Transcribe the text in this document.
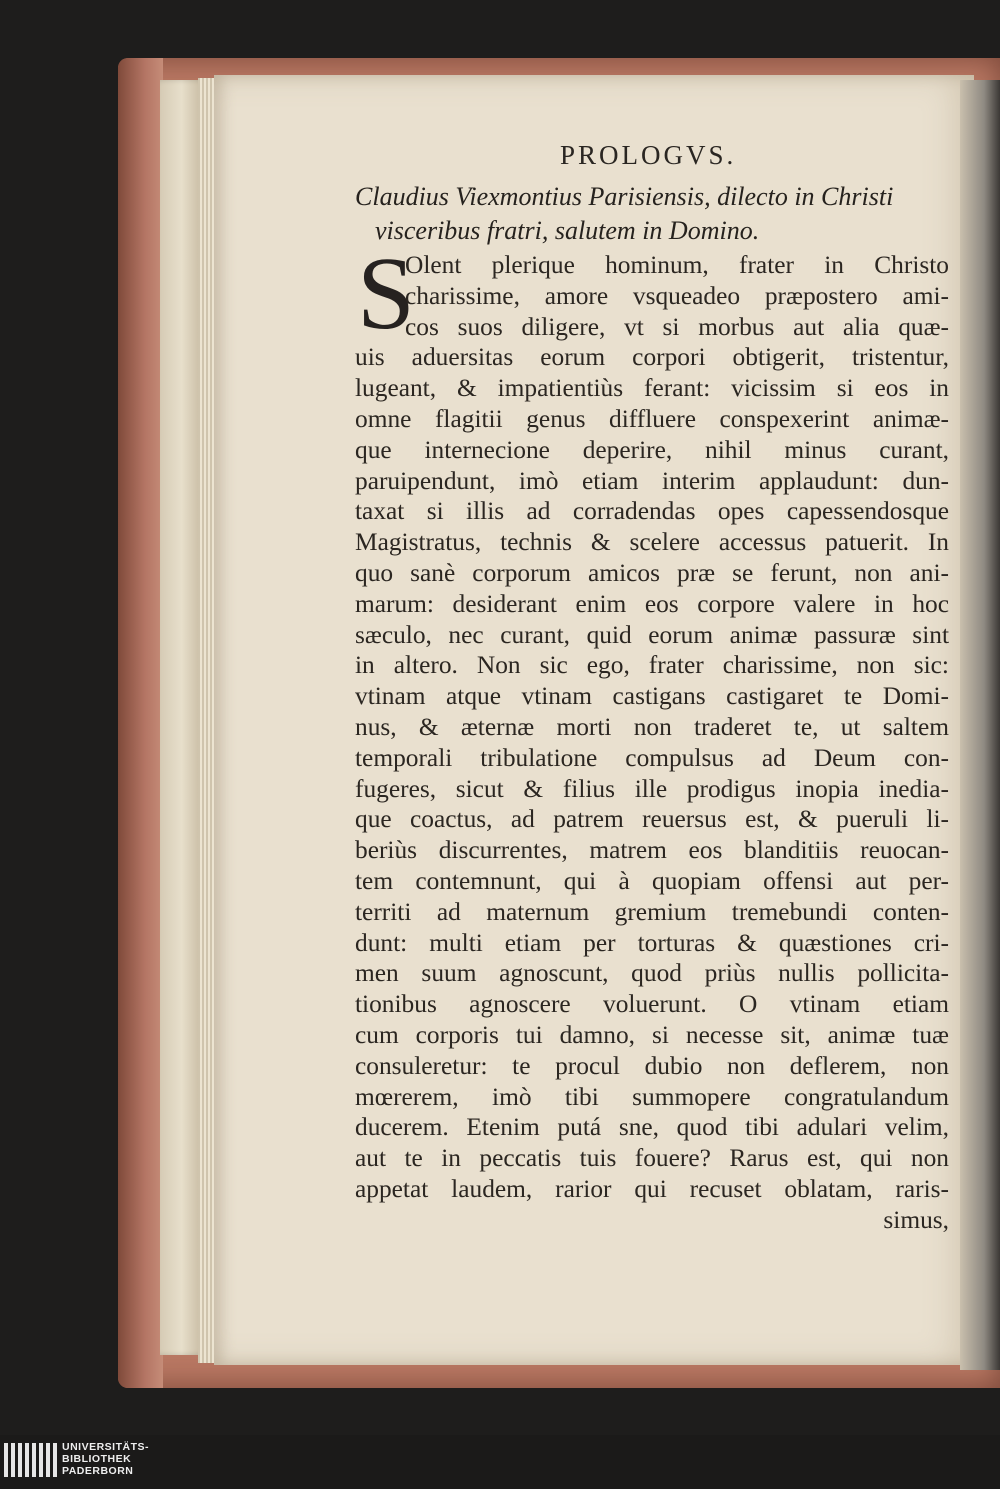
PROLOGVS.
Claudius Viexmontius Parisiensis, dilecto in Christi
visceribus fratri, salutem in Domino.
S
Olent plerique hominum, frater in Christo
charissime, amore vsqueadeo præpostero ami-
cos suos diligere, vt si morbus aut alia quæ-
uis aduersitas eorum corpori obtigerit, tristentur,
lugeant, & impatientiùs ferant: vicissim si eos in
omne flagitii genus diffluere conspexerint animæ-
que internecione deperire, nihil minus curant,
paruipendunt, imò etiam interim applaudunt: dun-
taxat si illis ad corradendas opes capessendosque
Magistratus, technis & scelere accessus patuerit. In
quo sanè corporum amicos præ se ferunt, non ani-
marum: desiderant enim eos corpore valere in hoc
sæculo, nec curant, quid eorum animæ passuræ sint
in altero. Non sic ego, frater charissime, non sic:
vtinam atque vtinam castigans castigaret te Domi-
nus, & æternæ morti non traderet te, ut saltem
temporali tribulatione compulsus ad Deum con-
fugeres, sicut & filius ille prodigus inopia inedia-
que coactus, ad patrem reuersus est, & pueruli li-
beriùs discurrentes, matrem eos blanditiis reuocan-
tem contemnunt, qui à quopiam offensi aut per-
territi ad maternum gremium tremebundi conten-
dunt: multi etiam per torturas & quæstiones cri-
men suum agnoscunt, quod priùs nullis pollicita-
tionibus agnoscere voluerunt. O vtinam etiam
cum corporis tui damno, si necesse sit, animæ tuæ
consuleretur: te procul dubio non deflerem, non
mœrerem, imò tibi summopere congratulandum
ducerem. Etenim putá sne, quod tibi adulari velim,
aut te in peccatis tuis fouere? Rarus est, qui non
appetat laudem, rarior qui recuset oblatam, raris-
simus,
UNIVERSITÄTS-
BIBLIOTHEK
PADERBORN
